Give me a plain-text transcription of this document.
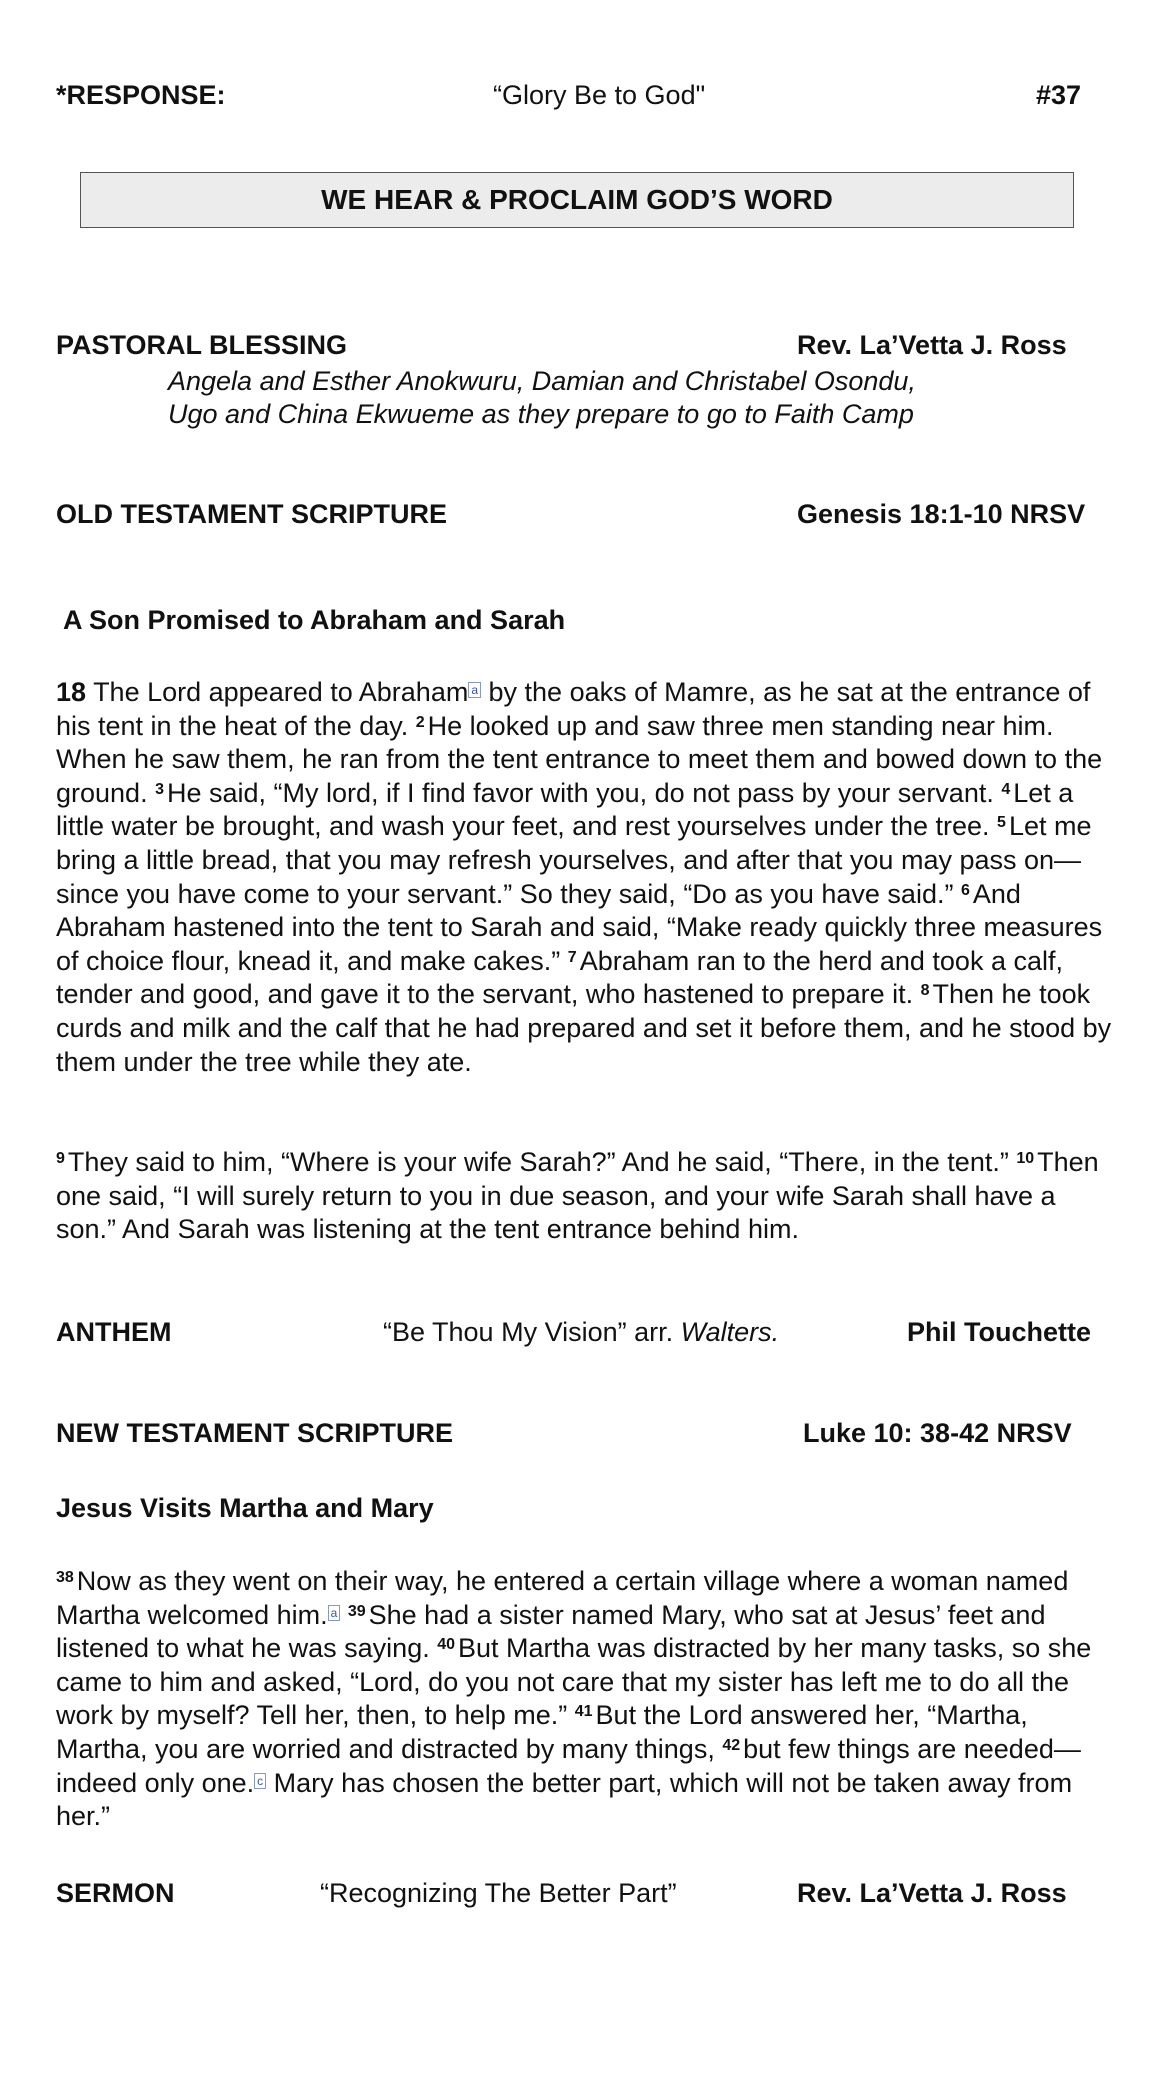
*RESPONSE:	“Glory Be to God"	#37
WE HEAR & PROCLAIM GOD’S WORD
PASTORAL BLESSING	Rev. La’Vetta J. Ross
Angela and Esther Anokwuru, Damian and Christabel Osondu,
Ugo and China Ekwueme as they prepare to go to Faith Camp
OLD TESTAMENT SCRIPTURE	Genesis 18:1-10 NRSV
A Son Promised to Abraham and Sarah
18 The Lord appeared to Abraham $^a$ by the oaks of Mamre, as he sat at the entrance of his tent in the heat of the day. $^2$ He looked up and saw three men standing near him. When he saw them, he ran from the tent entrance to meet them and bowed down to the ground. $^3$ He said, “My lord, if I find favor with you, do not pass by your servant. $^4$ Let a little water be brought, and wash your feet, and rest yourselves under the tree. $^5$ Let me bring a little bread, that you may refresh yourselves, and after that you may pass on—since you have come to your servant.” So they said, “Do as you have said.” $^6$ And Abraham hastened into the tent to Sarah and said, “Make ready quickly three measures of choice flour, knead it, and make cakes.” $^7$ Abraham ran to the herd and took a calf, tender and good, and gave it to the servant, who hastened to prepare it. $^8$ Then he took curds and milk and the calf that he had prepared and set it before them, and he stood by them under the tree while they ate.
$^9$ They said to him, “Where is your wife Sarah?” And he said, “There, in the tent.” $^{10}$ Then one said, “I will surely return to you in due season, and your wife Sarah shall have a son.” And Sarah was listening at the tent entrance behind him.
ANTHEM	“Be Thou My Vision” arr. Walters.	Phil Touchette
NEW TESTAMENT SCRIPTURE	Luke 10: 38-42 NRSV
Jesus Visits Martha and Mary
$^{38}$ Now as they went on their way, he entered a certain village where a woman named Martha welcomed him. $^a$ $^{39}$ She had a sister named Mary, who sat at Jesus’ feet and listened to what he was saying. $^{40}$ But Martha was distracted by her many tasks, so she came to him and asked, “Lord, do you not care that my sister has left me to do all the work by myself? Tell her, then, to help me.” $^{41}$ But the Lord answered her, “Martha, Martha, you are worried and distracted by many things, $^{42}$ but few things are needed—indeed only one. $^c$ Mary has chosen the better part, which will not be taken away from her.”
SERMON	“Recognizing The Better Part”	Rev. La’Vetta J. Ross
